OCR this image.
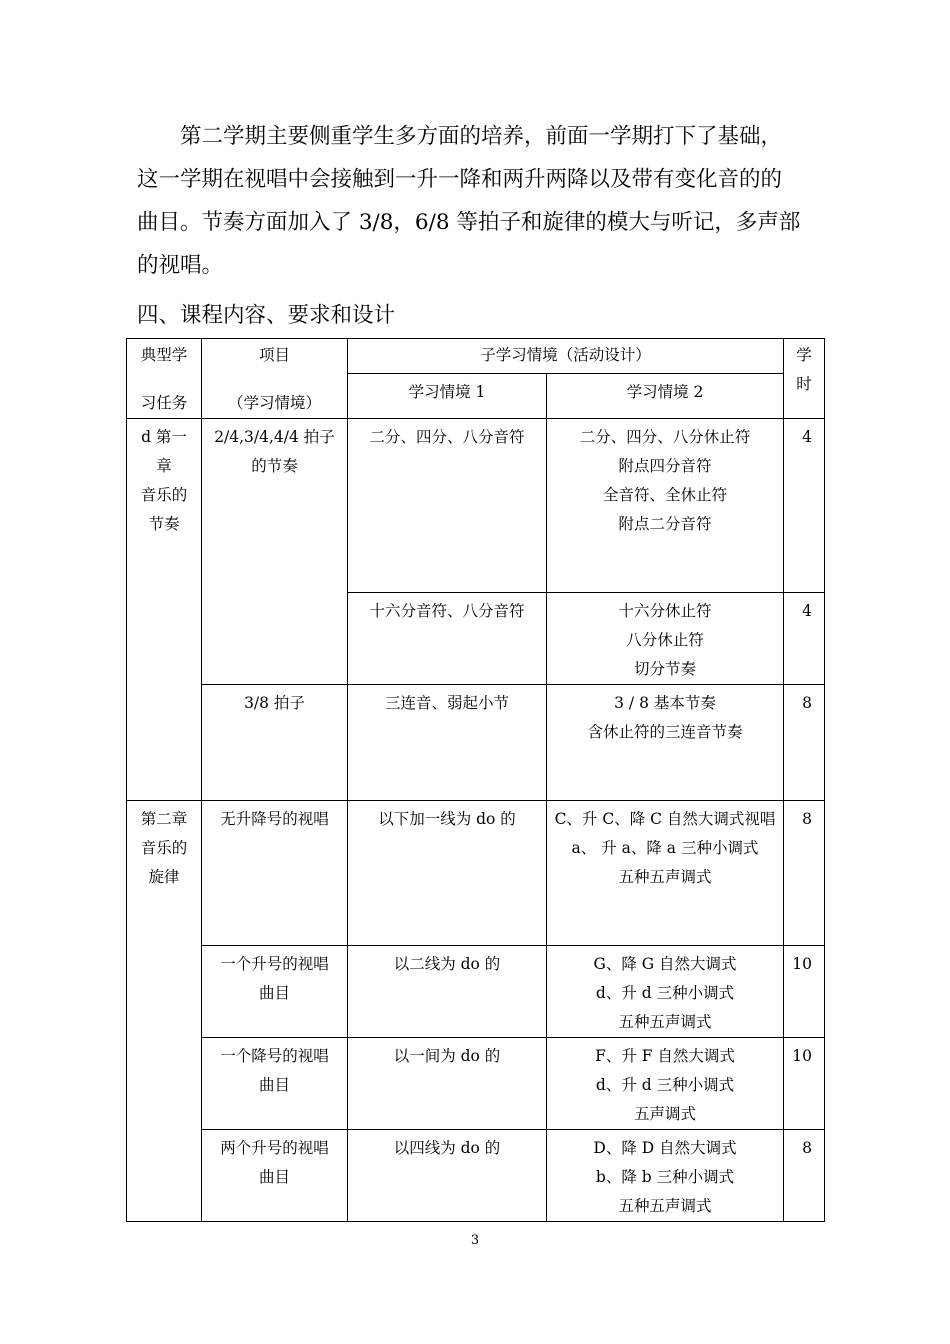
第二学期主要侧重学生多方面的培养，前面一学期打下了基础，

这一学期在视唱中会接触到一升一降和两升两降以及带有变化音的的

曲目。节奏方面加入了 3/8，6/8 等拍子和旋律的模大与听记，多声部

的视唱。

四、课程内容、要求和设计
典型学
习任务	项目
（学习情境）	子学习情境（活动设计）		学
时

		学习情境 1	学习情境 2	

d 第一
章
音乐的
节奏	2/4,3/4,4/4 拍子
的节奏	二分、四分、八分音符	二分、四分、八分休止符
附点四分音符
全音符、全休止符
附点二分音符	4

		十六分音符、八分音符	十六分休止符
八分休止符
切分节奏	4

	3/8 拍子	三连音、弱起小节	3 / 8 基本节奏
含休止符的三连音节奏	8

第二章
音乐的
旋律	无升降号的视唱	以下加一线为 do 的	C、升 C、降 C 自然大调式视唱
a、 升 a、降 a 三种小调式
五种五声调式	8

	一个升号的视唱
曲目	以二线为 do 的	G、降 G 自然大调式
d、升 d 三种小调式
五种五声调式	10

	一个降号的视唱
曲目	以一间为 do 的	F、升 F 自然大调式
d、升 d 三种小调式
五声调式	10

	两个升号的视唱
曲目	以四线为 do 的	D、降 D 自然大调式
b、降 b 三种小调式
五种五声调式	8
3
